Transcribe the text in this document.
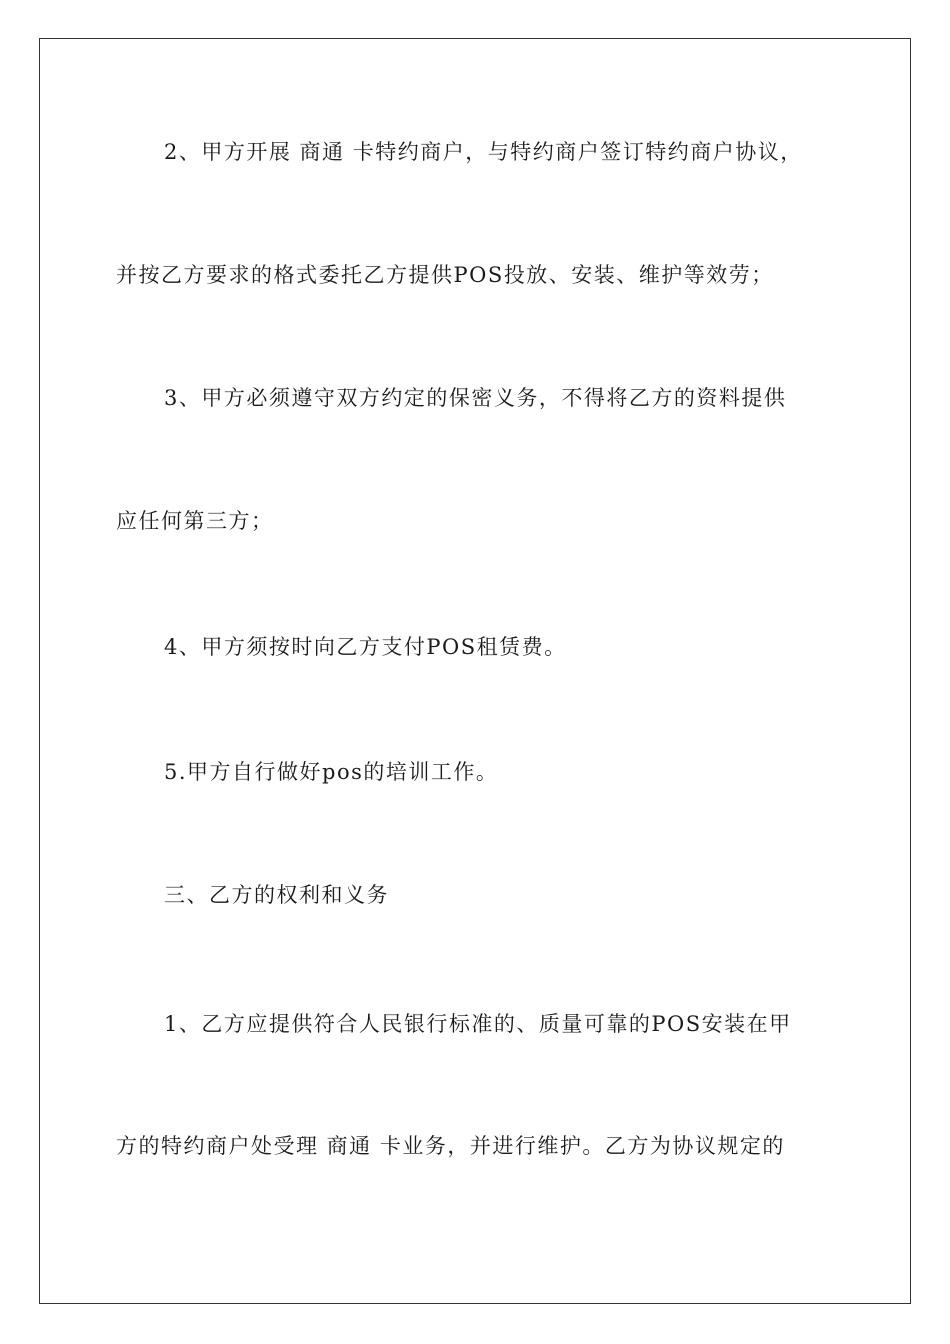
2、甲方开展 商通 卡特约商户，与特约商户签订特约商户协议，
并按乙方要求的格式委托乙方提供POS投放、安装、维护等效劳；
3、甲方必须遵守双方约定的保密义务，不得将乙方的资料提供
应任何第三方；
4、甲方须按时向乙方支付POS租赁费。
5.甲方自行做好pos的培训工作。
三、乙方的权利和义务
1、乙方应提供符合人民银行标准的、质量可靠的POS安装在甲
方的特约商户处受理 商通 卡业务，并进行维护。乙方为协议规定的
